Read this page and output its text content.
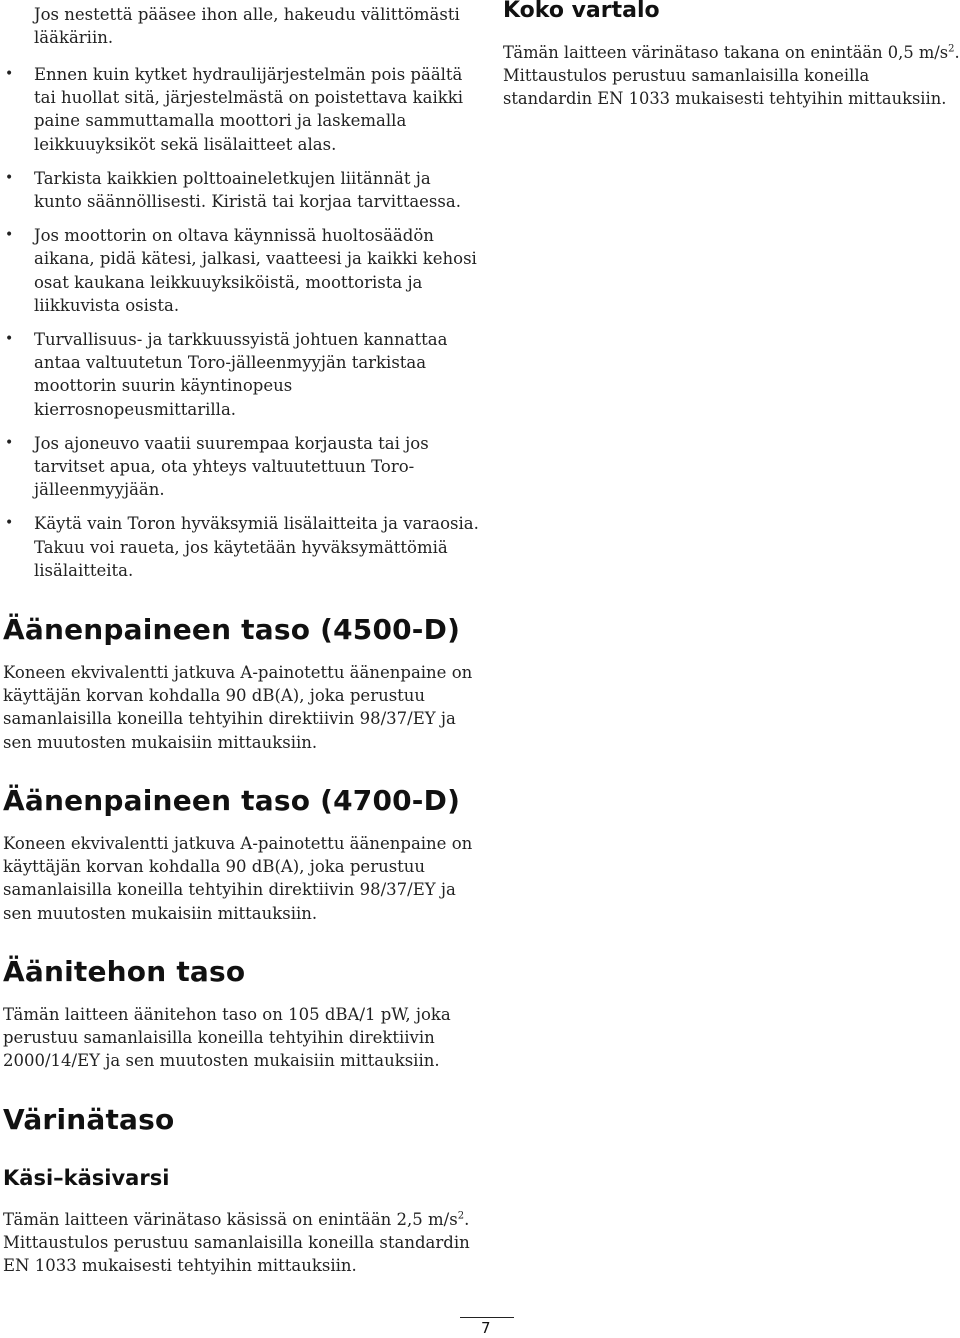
Jos nestettä pääsee ihon alle, hakeudu välittömästi lääkäriin.

• Ennen kuin kytket hydraulijärjestelmän pois päältä tai huollat sitä, järjestelmästä on poistettava kaikki paine sammuttamalla moottori ja laskemalla leikkuuyksiköt sekä lisälaitteet alas.
• Tarkista kaikkien polttoaineletkujen liitännät ja kunto säännöllisesti. Kiristä tai korjaa tarvittaessa.
• Jos moottorin on oltava käynnissä huoltosäädön aikana, pidä kätesi, jalkasi, vaatteesi ja kaikki kehosi osat kaukana leikkuuyksiköistä, moottorista ja liikkuvista osista.
• Turvallisuus- ja tarkkuussyistä johtuen kannattaa antaa valtuutetun Toro-jälleenmyyjän tarkistaa moottorin suurin käyntinopeus kierrosnopeusmittarilla.
• Jos ajoneuvo vaatii suurempaa korjausta tai jos tarvitset apua, ota yhteys valtuutettuun Toro-jälleenmyyjään.
• Käytä vain Toron hyväksymiä lisälaitteita ja varaosia. Takuu voi raueta, jos käytetään hyväksymättömiä lisälaitteita.
Äänenpaineen taso (4500-D)

Koneen ekvivalentti jatkuva A-painotettu äänenpaine on käyttäjän korvan kohdalla 90 dB(A), joka perustuu samanlaisilla koneilla tehtyihin direktiivin 98/37/EY ja sen muutosten mukaisiin mittauksiin.

Äänenpaineen taso (4700-D)

Koneen ekvivalentti jatkuva A-painotettu äänenpaine on käyttäjän korvan kohdalla 90 dB(A), joka perustuu samanlaisilla koneilla tehtyihin direktiivin 98/37/EY ja sen muutosten mukaisiin mittauksiin.

Äänitehon taso

Tämän laitteen äänitehon taso on 105 dBA/1 pW, joka perustuu samanlaisilla koneilla tehtyihin direktiivin 2000/14/EY ja sen muutosten mukaisiin mittauksiin.

Värinätaso
Käsi–käsivarsi

Tämän laitteen värinätaso käsissä on enintään 2,5 $m/s^2$. Mittaustulos perustuu samanlaisilla koneilla standardin EN 1033 mukaisesti tehtyihin mittauksiin.

Koko vartalo

Tämän laitteen värinätaso takana on enintään 0,5 $m/s^2$. Mittaustulos perustuu samanlaisilla koneilla standardin EN 1033 mukaisesti tehtyihin mittauksiin.

7
